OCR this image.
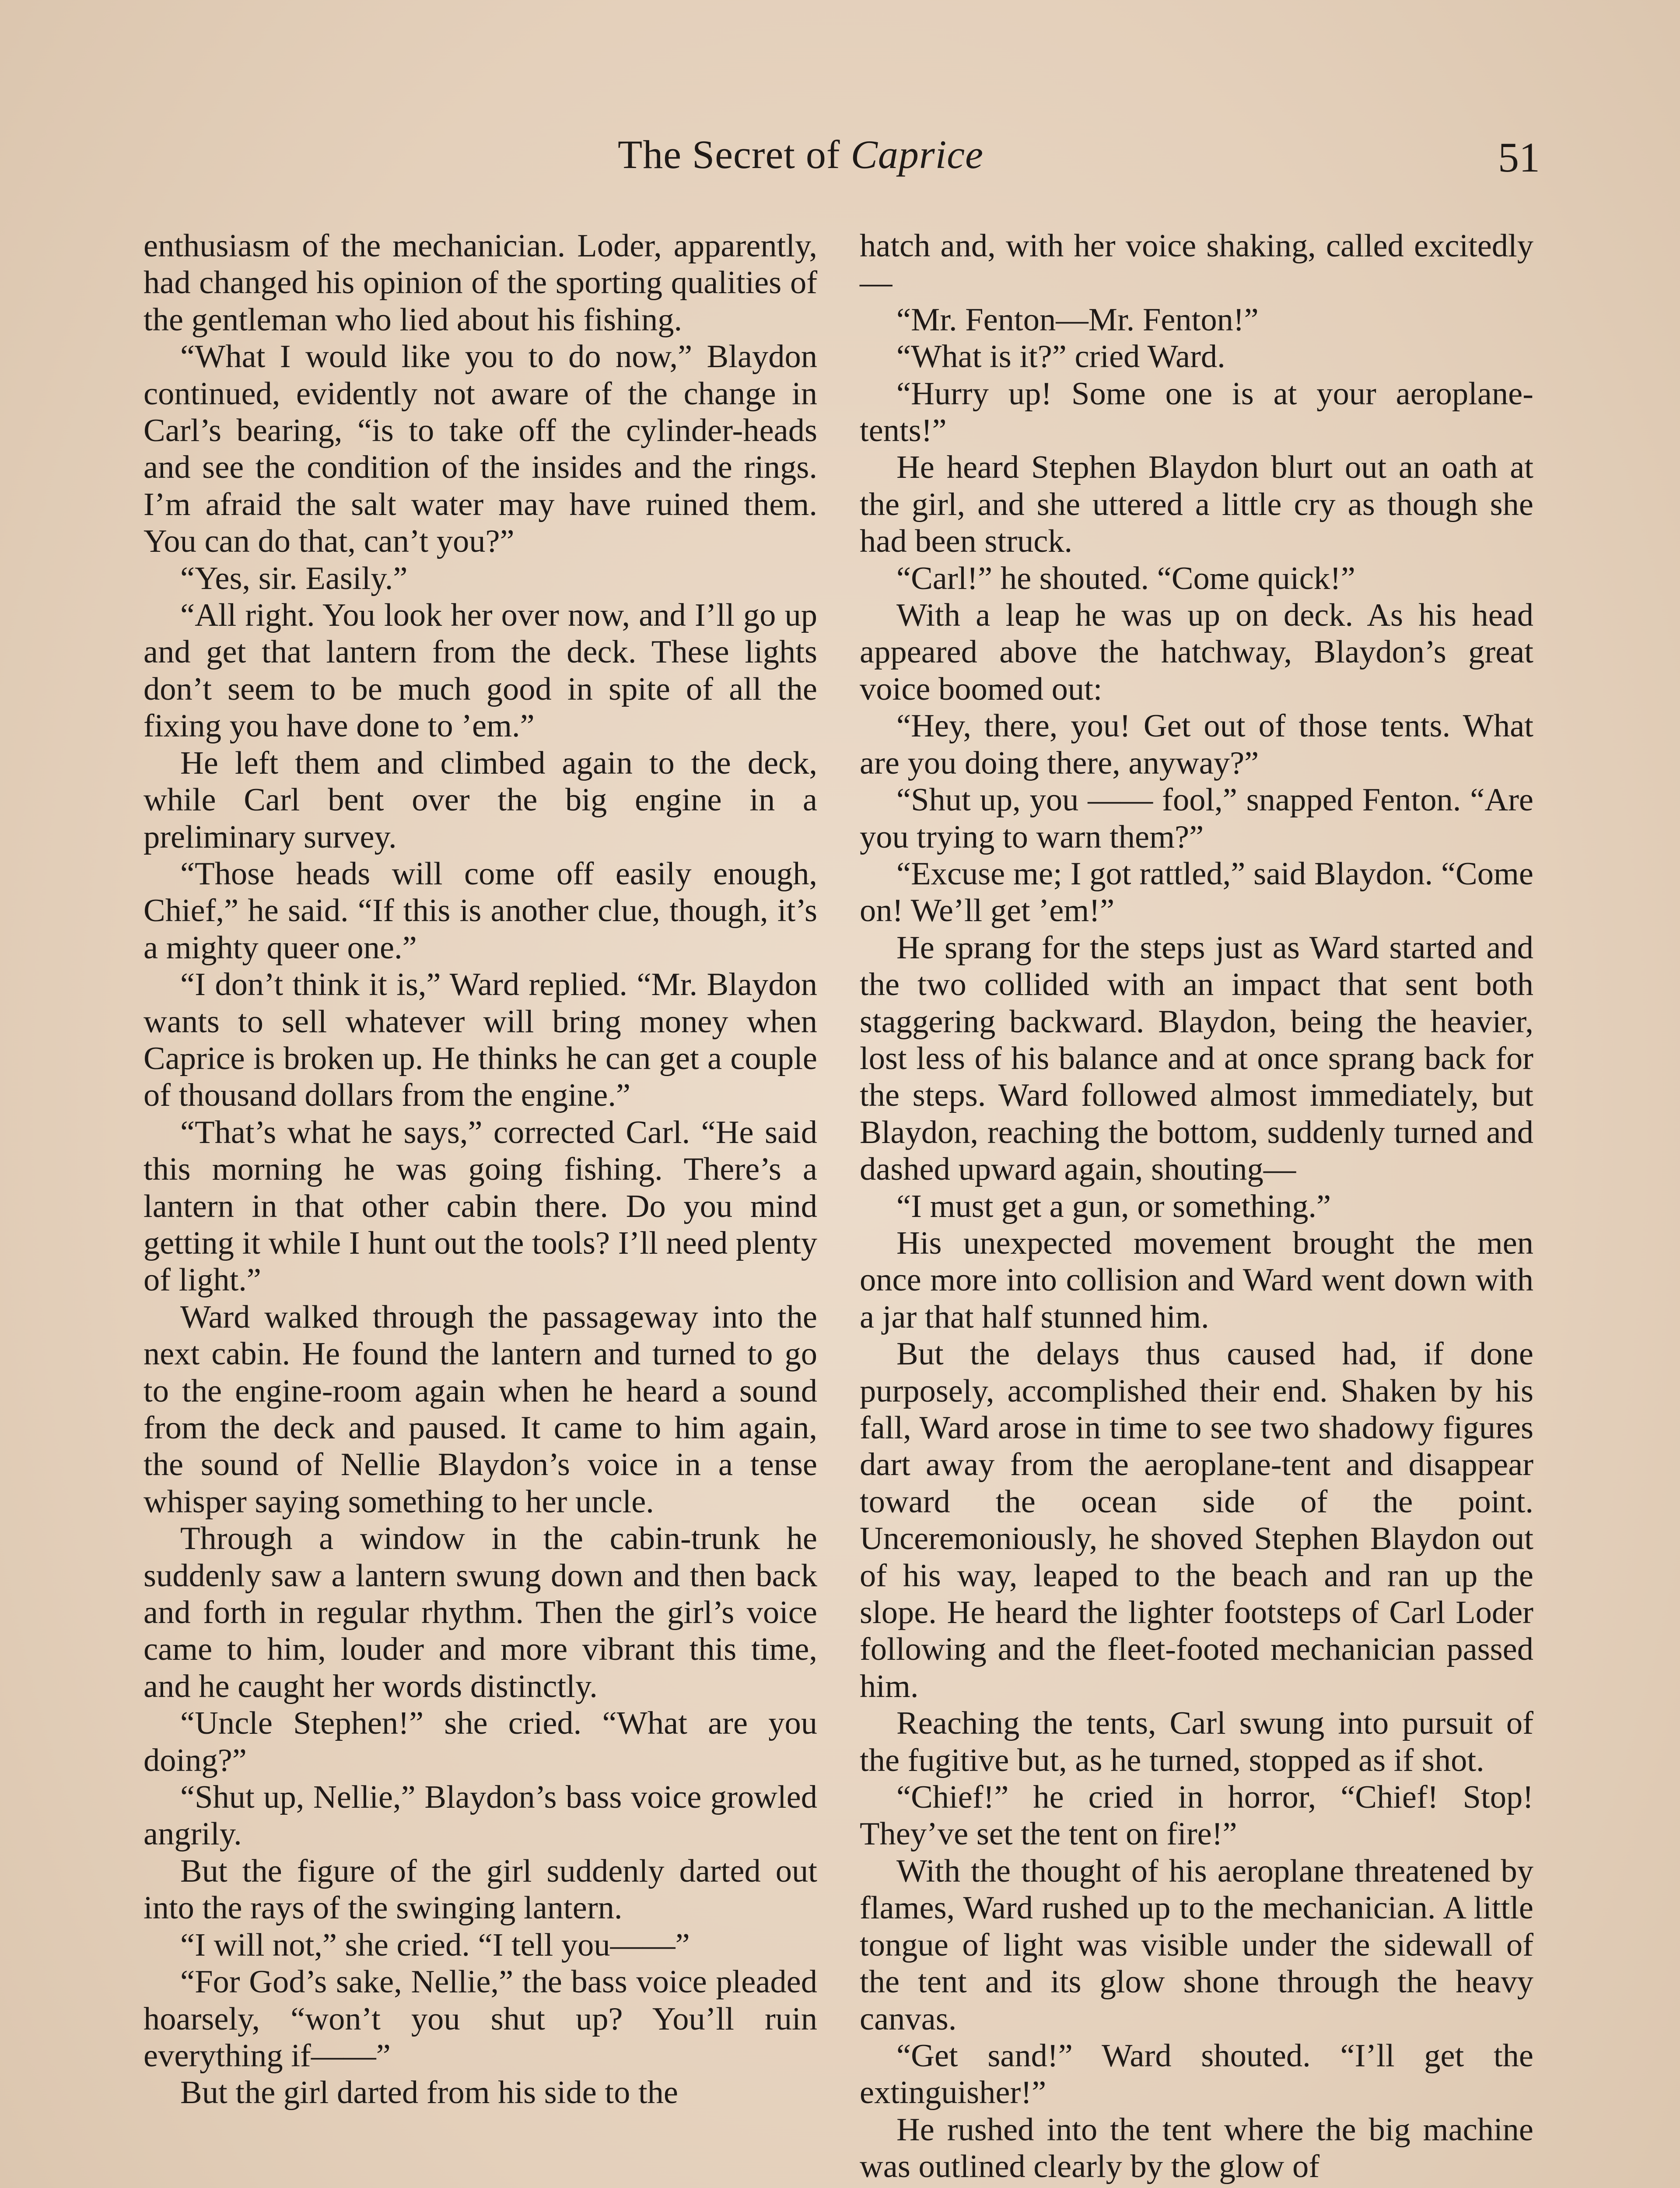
The Secret of Caprice	51

enthusiasm of the mechanician. Loder, apparently, had changed his opinion of the sporting qualities of the gentleman who lied about his fishing.

“What I would like you to do now,” Blaydon continued, evidently not aware of the change in Carl’s bearing, “is to take off the cylinder-heads and see the condition of the insides and the rings. I’m afraid the salt water may have ruined them. You can do that, can’t you?”

“Yes, sir. Easily.”

“All right. You look her over now, and I’ll go up and get that lantern from the deck. These lights don’t seem to be much good in spite of all the fixing you have done to ’em.”

He left them and climbed again to the deck, while Carl bent over the big engine in a preliminary survey.

“Those heads will come off easily enough, Chief,” he said. “If this is another clue, though, it’s a mighty queer one.”

“I don’t think it is,” Ward replied. “Mr. Blaydon wants to sell whatever will bring money when Caprice is broken up. He thinks he can get a couple of thousand dollars from the engine.”

“That’s what he says,” corrected Carl. “He said this morning he was going fishing. There’s a lantern in that other cabin there. Do you mind getting it while I hunt out the tools? I’ll need plenty of light.”

Ward walked through the passageway into the next cabin. He found the lantern and turned to go to the engine-room again when he heard a sound from the deck and paused. It came to him again, the sound of Nellie Blaydon’s voice in a tense whisper saying something to her uncle.

Through a window in the cabin-trunk he suddenly saw a lantern swung down and then back and forth in regular rhythm. Then the girl’s voice came to him, louder and more vibrant this time, and he caught her words distinctly.

“Uncle Stephen!” she cried. “What are you doing?”

“Shut up, Nellie,” Blaydon’s bass voice growled angrily.

But the figure of the girl suddenly darted out into the rays of the swinging lantern.

“I will not,” she cried. “I tell you——”

“For God’s sake, Nellie,” the bass voice pleaded hoarsely, “won’t you shut up? You’ll ruin everything if——”

But the girl darted from his side to the

hatch and, with her voice shaking, called excitedly—

“Mr. Fenton—Mr. Fenton!”

“What is it?” cried Ward.

“Hurry up! Some one is at your aeroplane-tents!”

He heard Stephen Blaydon blurt out an oath at the girl, and she uttered a little cry as though she had been struck.

“Carl!” he shouted. “Come quick!”

With a leap he was up on deck. As his head appeared above the hatchway, Blaydon’s great voice boomed out:

“Hey, there, you! Get out of those tents. What are you doing there, anyway?”

“Shut up, you —— fool,” snapped Fenton. “Are you trying to warn them?”

“Excuse me; I got rattled,” said Blaydon. “Come on! We’ll get ’em!”

He sprang for the steps just as Ward started and the two collided with an impact that sent both staggering backward. Blaydon, being the heavier, lost less of his balance and at once sprang back for the steps. Ward followed almost immediately, but Blaydon, reaching the bottom, suddenly turned and dashed upward again, shouting—

“I must get a gun, or something.”

His unexpected movement brought the men once more into collision and Ward went down with a jar that half stunned him.

But the delays thus caused had, if done purposely, accomplished their end. Shaken by his fall, Ward arose in time to see two shadowy figures dart away from the aeroplane-tent and disappear toward the ocean side of the point. Unceremoniously, he shoved Stephen Blaydon out of his way, leaped to the beach and ran up the slope. He heard the lighter footsteps of Carl Loder following and the fleet-footed mechanician passed him.

Reaching the tents, Carl swung into pursuit of the fugitive but, as he turned, stopped as if shot.

“Chief!” he cried in horror, “Chief! Stop! They’ve set the tent on fire!”

With the thought of his aeroplane threatened by flames, Ward rushed up to the mechanician. A little tongue of light was visible under the sidewall of the tent and its glow shone through the heavy canvas.

“Get sand!” Ward shouted. “I’ll get the extinguisher!”

He rushed into the tent where the big machine was outlined clearly by the glow of
